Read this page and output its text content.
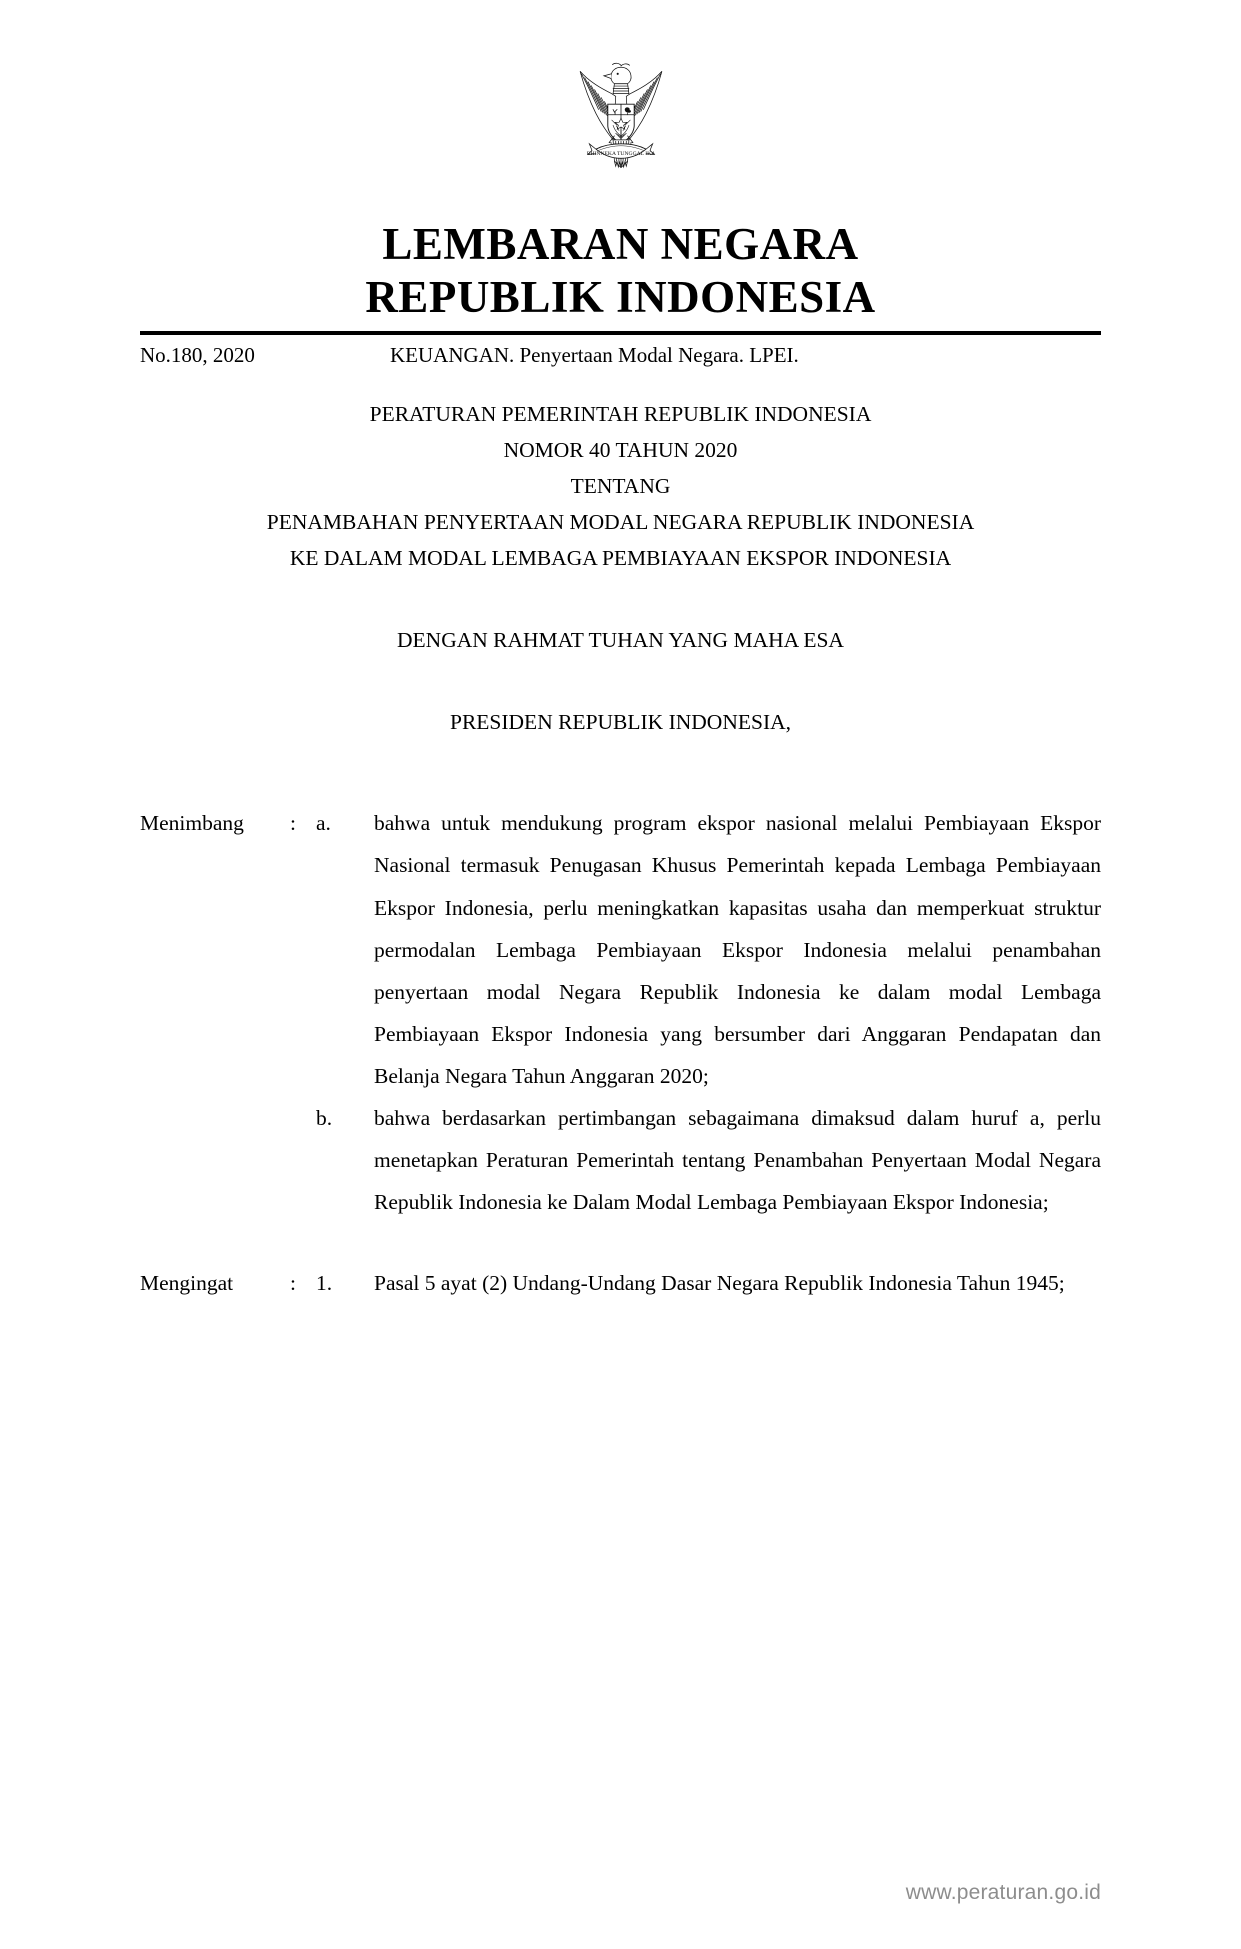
BHINNEKA TUNGGAL IKA
LEMBARAN NEGARA
REPUBLIK INDONESIA
No.180, 2020	KEUANGAN. Penyertaan Modal Negara. LPEI.
PERATURAN PEMERINTAH REPUBLIK INDONESIA
NOMOR 40 TAHUN 2020
TENTANG
PENAMBAHAN PENYERTAAN MODAL NEGARA REPUBLIK INDONESIA
KE DALAM MODAL LEMBAGA PEMBIAYAAN EKSPOR INDONESIA
DENGAN RAHMAT TUHAN YANG MAHA ESA
PRESIDEN REPUBLIK INDONESIA,
Menimbang	: a.	bahwa untuk mendukung program ekspor nasional melalui Pembiayaan Ekspor Nasional termasuk Penugasan Khusus Pemerintah kepada Lembaga Pembiayaan Ekspor Indonesia, perlu meningkatkan kapasitas usaha dan memperkuat struktur permodalan Lembaga Pembiayaan Ekspor Indonesia melalui penambahan penyertaan modal Negara Republik Indonesia ke dalam modal Lembaga Pembiayaan Ekspor Indonesia yang bersumber dari Anggaran Pendapatan dan Belanja Negara Tahun Anggaran 2020;
b.	bahwa berdasarkan pertimbangan sebagaimana dimaksud dalam huruf a, perlu menetapkan Peraturan Pemerintah tentang Penambahan Penyertaan Modal Negara Republik Indonesia ke Dalam Modal Lembaga Pembiayaan Ekspor Indonesia;
Mengingat	: 1.	Pasal 5 ayat (2) Undang-Undang Dasar Negara Republik Indonesia Tahun 1945;
www.peraturan.go.id
